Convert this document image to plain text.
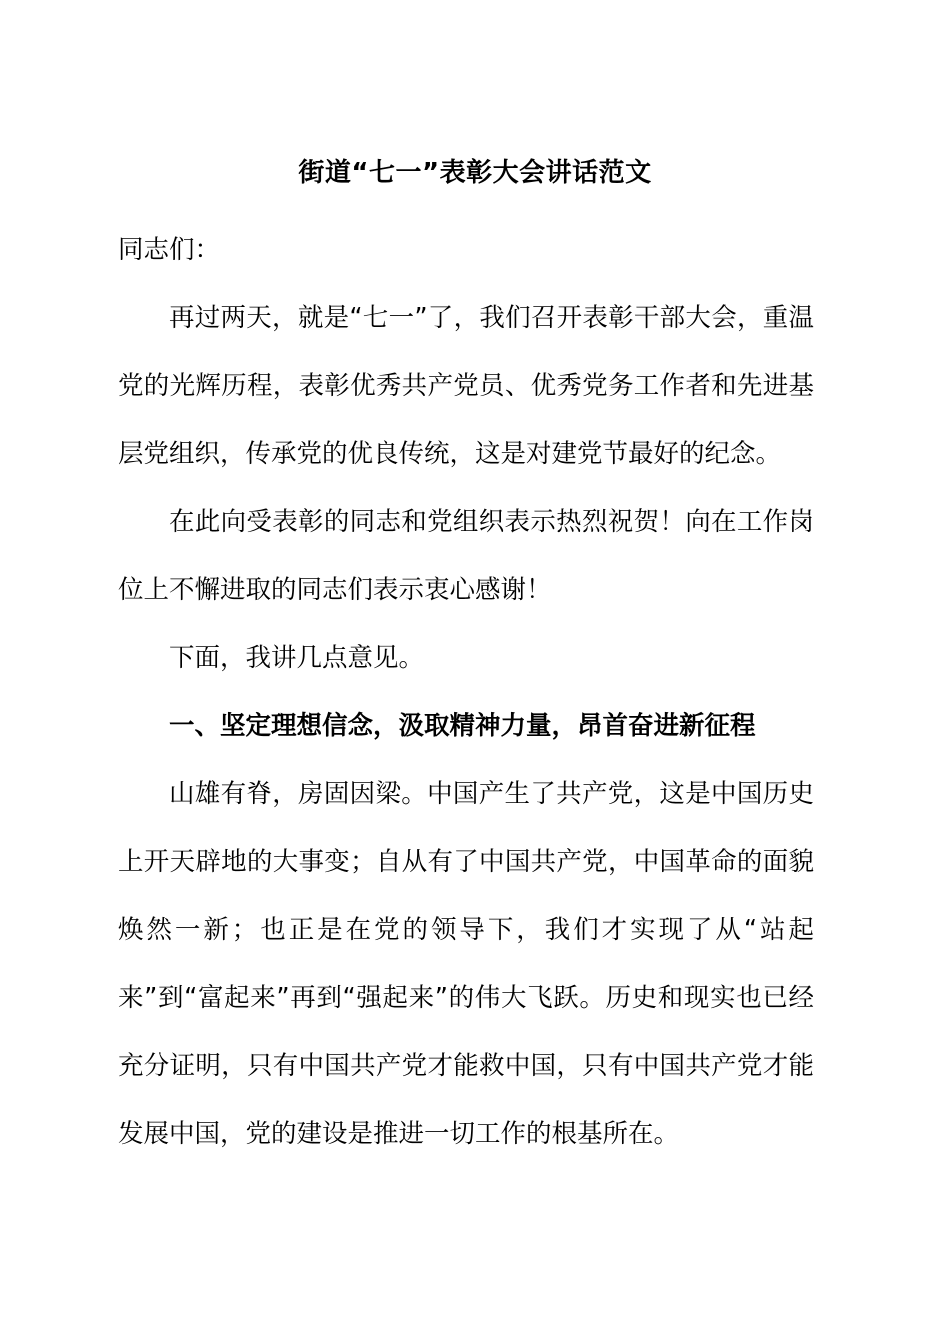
街道“七一”表彰大会讲话范文

同志们：

再过两天，就是“七一”了，我们召开表彰干部大会，重温党的光辉历程，表彰优秀共产党员、优秀党务工作者和先进基层党组织，传承党的优良传统，这是对建党节最好的纪念。

在此向受表彰的同志和党组织表示热烈祝贺！向在工作岗位上不懈进取的同志们表示衷心感谢！

下面，我讲几点意见。

一、坚定理想信念，汲取精神力量，昂首奋进新征程

山雄有脊，房固因梁。中国产生了共产党，这是中国历史上开天辟地的大事变；自从有了中国共产党，中国革命的面貌焕然一新；也正是在党的领导下，我们才实现了从“站起来”到“富起来”再到“强起来”的伟大飞跃。历史和现实也已经充分证明，只有中国共产党才能救中国，只有中国共产党才能发展中国，党的建设是推进一切工作的根基所在。
